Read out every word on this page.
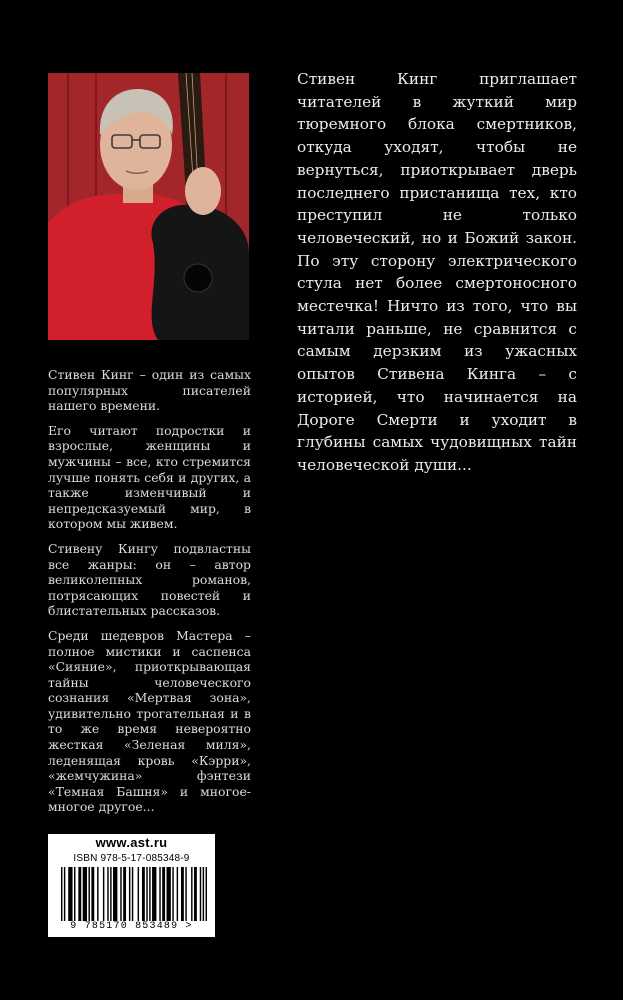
Стивен Кинг – один из самых популярных писателей нашего времени.

Его читают подростки и взрослые, женщины и мужчины – все, кто стремится лучше понять себя и других, а также изменчивый и непредсказуемый мир, в котором мы живем.

Стивену Кингу подвластны все жанры: он – автор великолепных романов, потрясающих повестей и блистательных рассказов.

Среди шедевров Мастера – полное мистики и саспенса «Сияние», приоткрывающая тайны человеческого сознания «Мертвая зона», удивительно трогательная и в то же время невероятно жесткая «Зеленая миля», леденящая кровь «Кэрри», «жемчужина» фэнтези «Темная Башня» и многое-многое другое...

Стивен Кинг приглашает читателей в жуткий мир тюремного блока смертников, откуда уходят, чтобы не вернуться, приоткрывает дверь последнего пристанища тех, кто преступил не только человеческий, но и Божий закон. По эту сторону электрического стула нет более смертоносного местечка! Ничто из того, что вы читали раньше, не сравнится с самым дерзким из ужасных опытов Стивена Кинга – с историей, что начинается на Дороге Смерти и уходит в глубины самых чудовищных тайн человеческой души...

www.ast.ru
ISBN 978-5-17-085348-9
9 785170 853489 >
